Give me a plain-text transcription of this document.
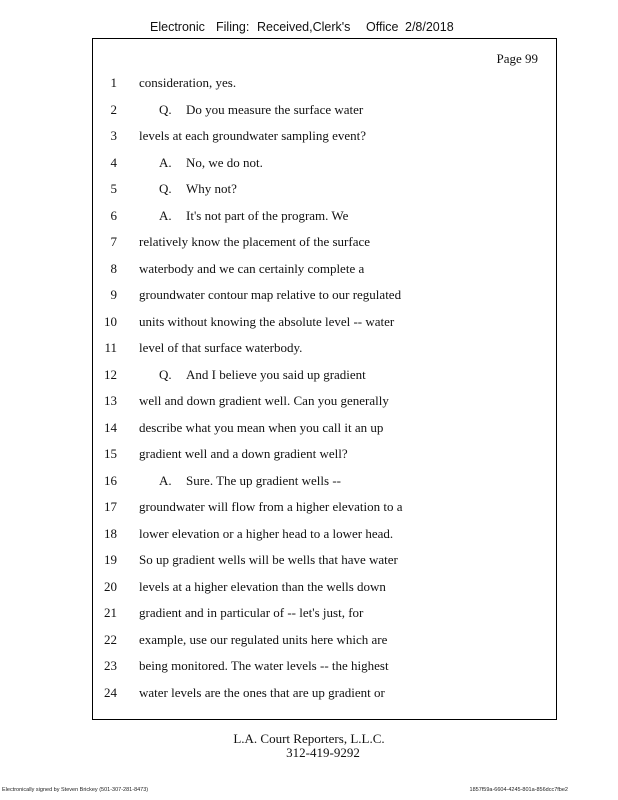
Electronic Filing: Received,Clerk's Office 2/8/2018
Page 99
1 consideration, yes.
2	Q. Do you measure the surface water
3 levels at each groundwater sampling event?
4	A. No, we do not.
5	Q. Why not?
6	A. It's not part of the program. We
7 relatively know the placement of the surface
8 waterbody and we can certainly complete a
9 groundwater contour map relative to our regulated
10 units without knowing the absolute level -- water
11 level of that surface waterbody.
12	Q. And I believe you said up gradient
13 well and down gradient well. Can you generally
14 describe what you mean when you call it an up
15 gradient well and a down gradient well?
16	A. Sure. The up gradient wells --
17 groundwater will flow from a higher elevation to a
18 lower elevation or a higher head to a lower head.
19 So up gradient wells will be wells that have water
20 levels at a higher elevation than the wells down
21 gradient and in particular of -- let's just, for
22 example, use our regulated units here which are
23 being monitored. The water levels -- the highest
24 water levels are the ones that are up gradient or
L.A. Court Reporters, L.L.C.
312-419-9292
Electronically signed by Steven Brickey (501-307-281-8473)	1857f59a-6604-4245-801a-856dcc7fbe2
